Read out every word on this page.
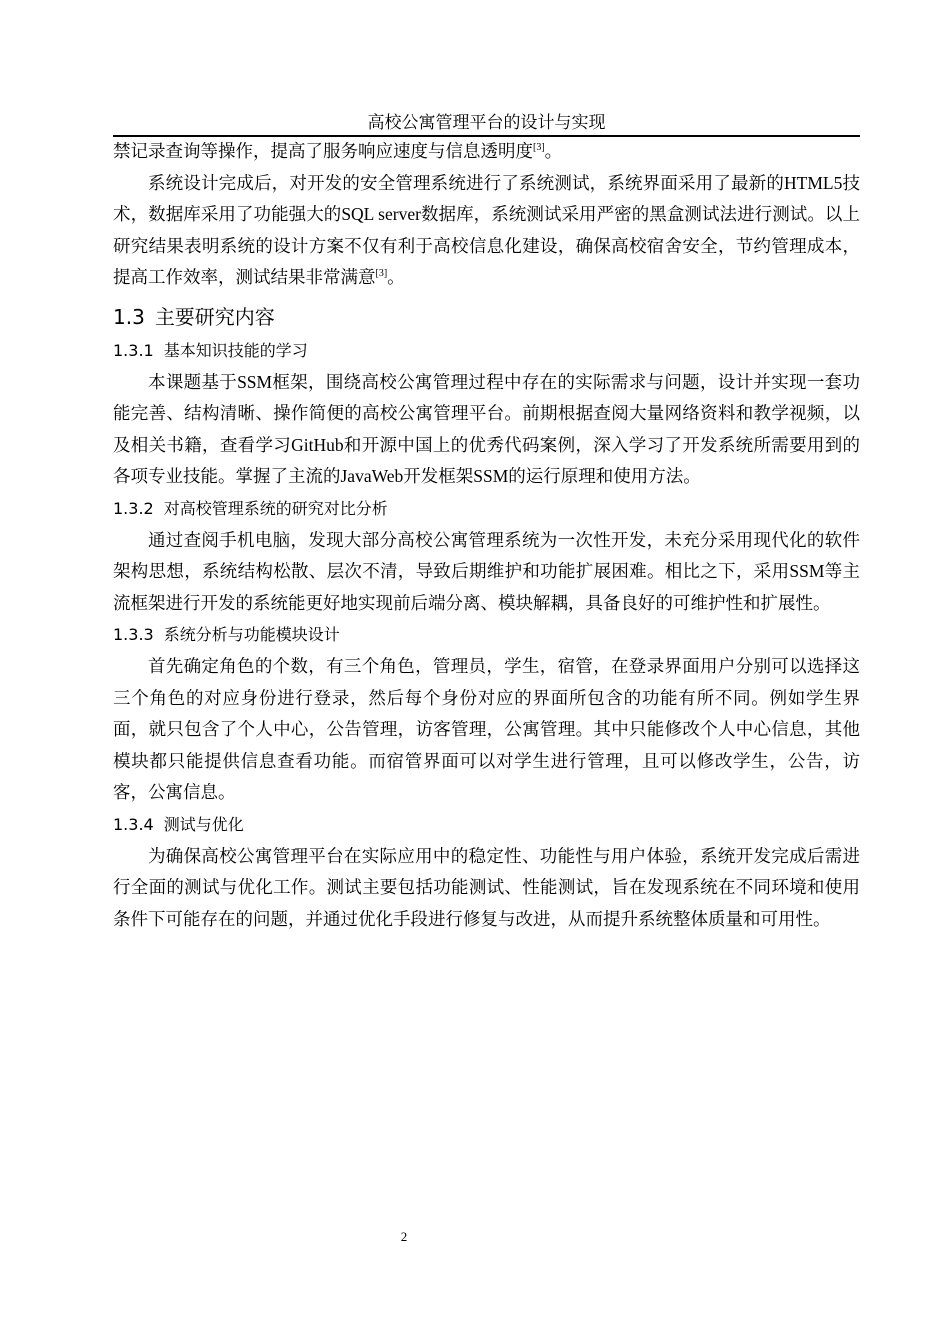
高校公寓管理平台的设计与实现

禁记录查询等操作，提高了服务响应速度与信息透明度[3]。

系统设计完成后，对开发的安全管理系统进行了系统测试，系统界面采用了最新的HTML5技术，数据库采用了功能强大的SQL server数据库，系统测试采用严密的黑盒测试法进行测试。以上研究结果表明系统的设计方案不仅有利于高校信息化建设，确保高校宿舍安全，节约管理成本，提高工作效率，测试结果非常满意[3]。

1.3 主要研究内容
1.3.1 基本知识技能的学习

本课题基于SSM框架，围绕高校公寓管理过程中存在的实际需求与问题，设计并实现一套功能完善、结构清晰、操作简便的高校公寓管理平台。前期根据查阅大量网络资料和教学视频，以及相关书籍，查看学习GitHub和开源中国上的优秀代码案例，深入学习了开发系统所需要用到的各项专业技能。掌握了主流的JavaWeb开发框架SSM的运行原理和使用方法。

1.3.2 对高校管理系统的研究对比分析

通过查阅手机电脑，发现大部分高校公寓管理系统为一次性开发，未充分采用现代化的软件架构思想，系统结构松散、层次不清，导致后期维护和功能扩展困难。相比之下，采用SSM等主流框架进行开发的系统能更好地实现前后端分离、模块解耦，具备良好的可维护性和扩展性。

1.3.3 系统分析与功能模块设计

首先确定角色的个数，有三个角色，管理员，学生，宿管，在登录界面用户分别可以选择这三个角色的对应身份进行登录，然后每个身份对应的界面所包含的功能有所不同。例如学生界面，就只包含了个人中心，公告管理，访客管理，公寓管理。其中只能修改个人中心信息，其他模块都只能提供信息查看功能。而宿管界面可以对学生进行管理，且可以修改学生，公告，访客，公寓信息。

1.3.4 测试与优化

为确保高校公寓管理平台在实际应用中的稳定性、功能性与用户体验，系统开发完成后需进行全面的测试与优化工作。测试主要包括功能测试、性能测试，旨在发现系统在不同环境和使用条件下可能存在的问题，并通过优化手段进行修复与改进，从而提升系统整体质量和可用性。

2
